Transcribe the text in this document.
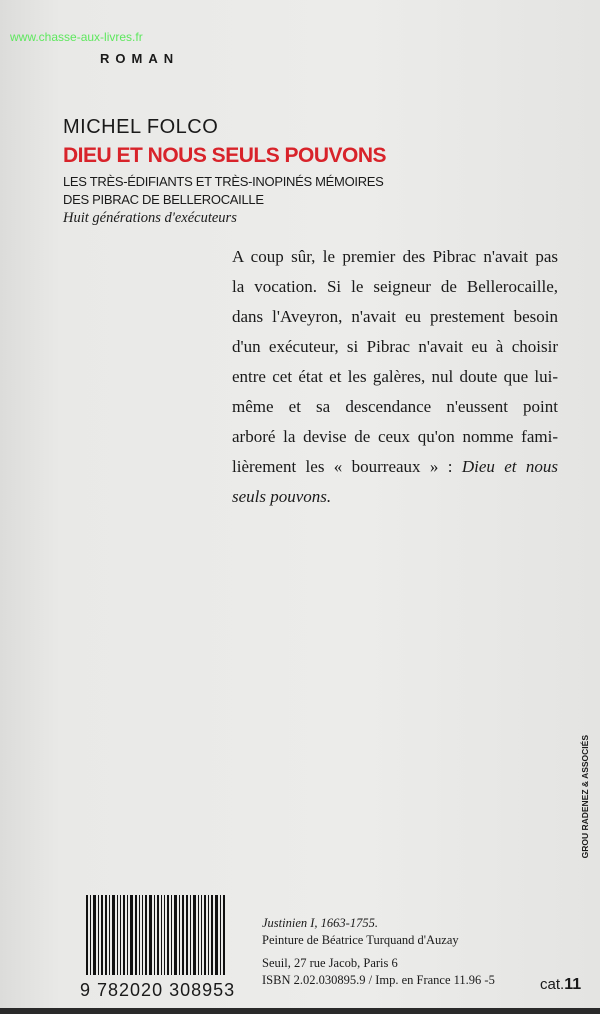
www.chasse-aux-livres.fr
ROMAN
MICHEL FOLCO
DIEU ET NOUS SEULS POUVONS
LES TRÈS-ÉDIFIANTS ET TRÈS-INOPINÉS MÉMOIRES
DES PIBRAC DE BELLEROCAILLE
Huit générations d'exécuteurs
A coup sûr, le premier des Pibrac n'avait pas
la vocation. Si le seigneur de Bellerocaille,
dans l'Aveyron, n'avait eu prestement besoin
d'un exécuteur, si Pibrac n'avait eu à choisir
entre cet état et les galères, nul doute que lui-
même et sa descendance n'eussent point
arboré la devise de ceux qu'on nomme fami-
lièrement les « bourreaux » : Dieu et nous
seuls pouvons.
9 782020 308953
Justinien I, 1663-1755.
Peinture de Béatrice Turquand d'Auzay
Seuil, 27 rue Jacob, Paris 6
ISBN 2.02.030895.9 / Imp. en France 11.96 -5	cat.11
GROU RADENEZ & ASSOCIÉS
